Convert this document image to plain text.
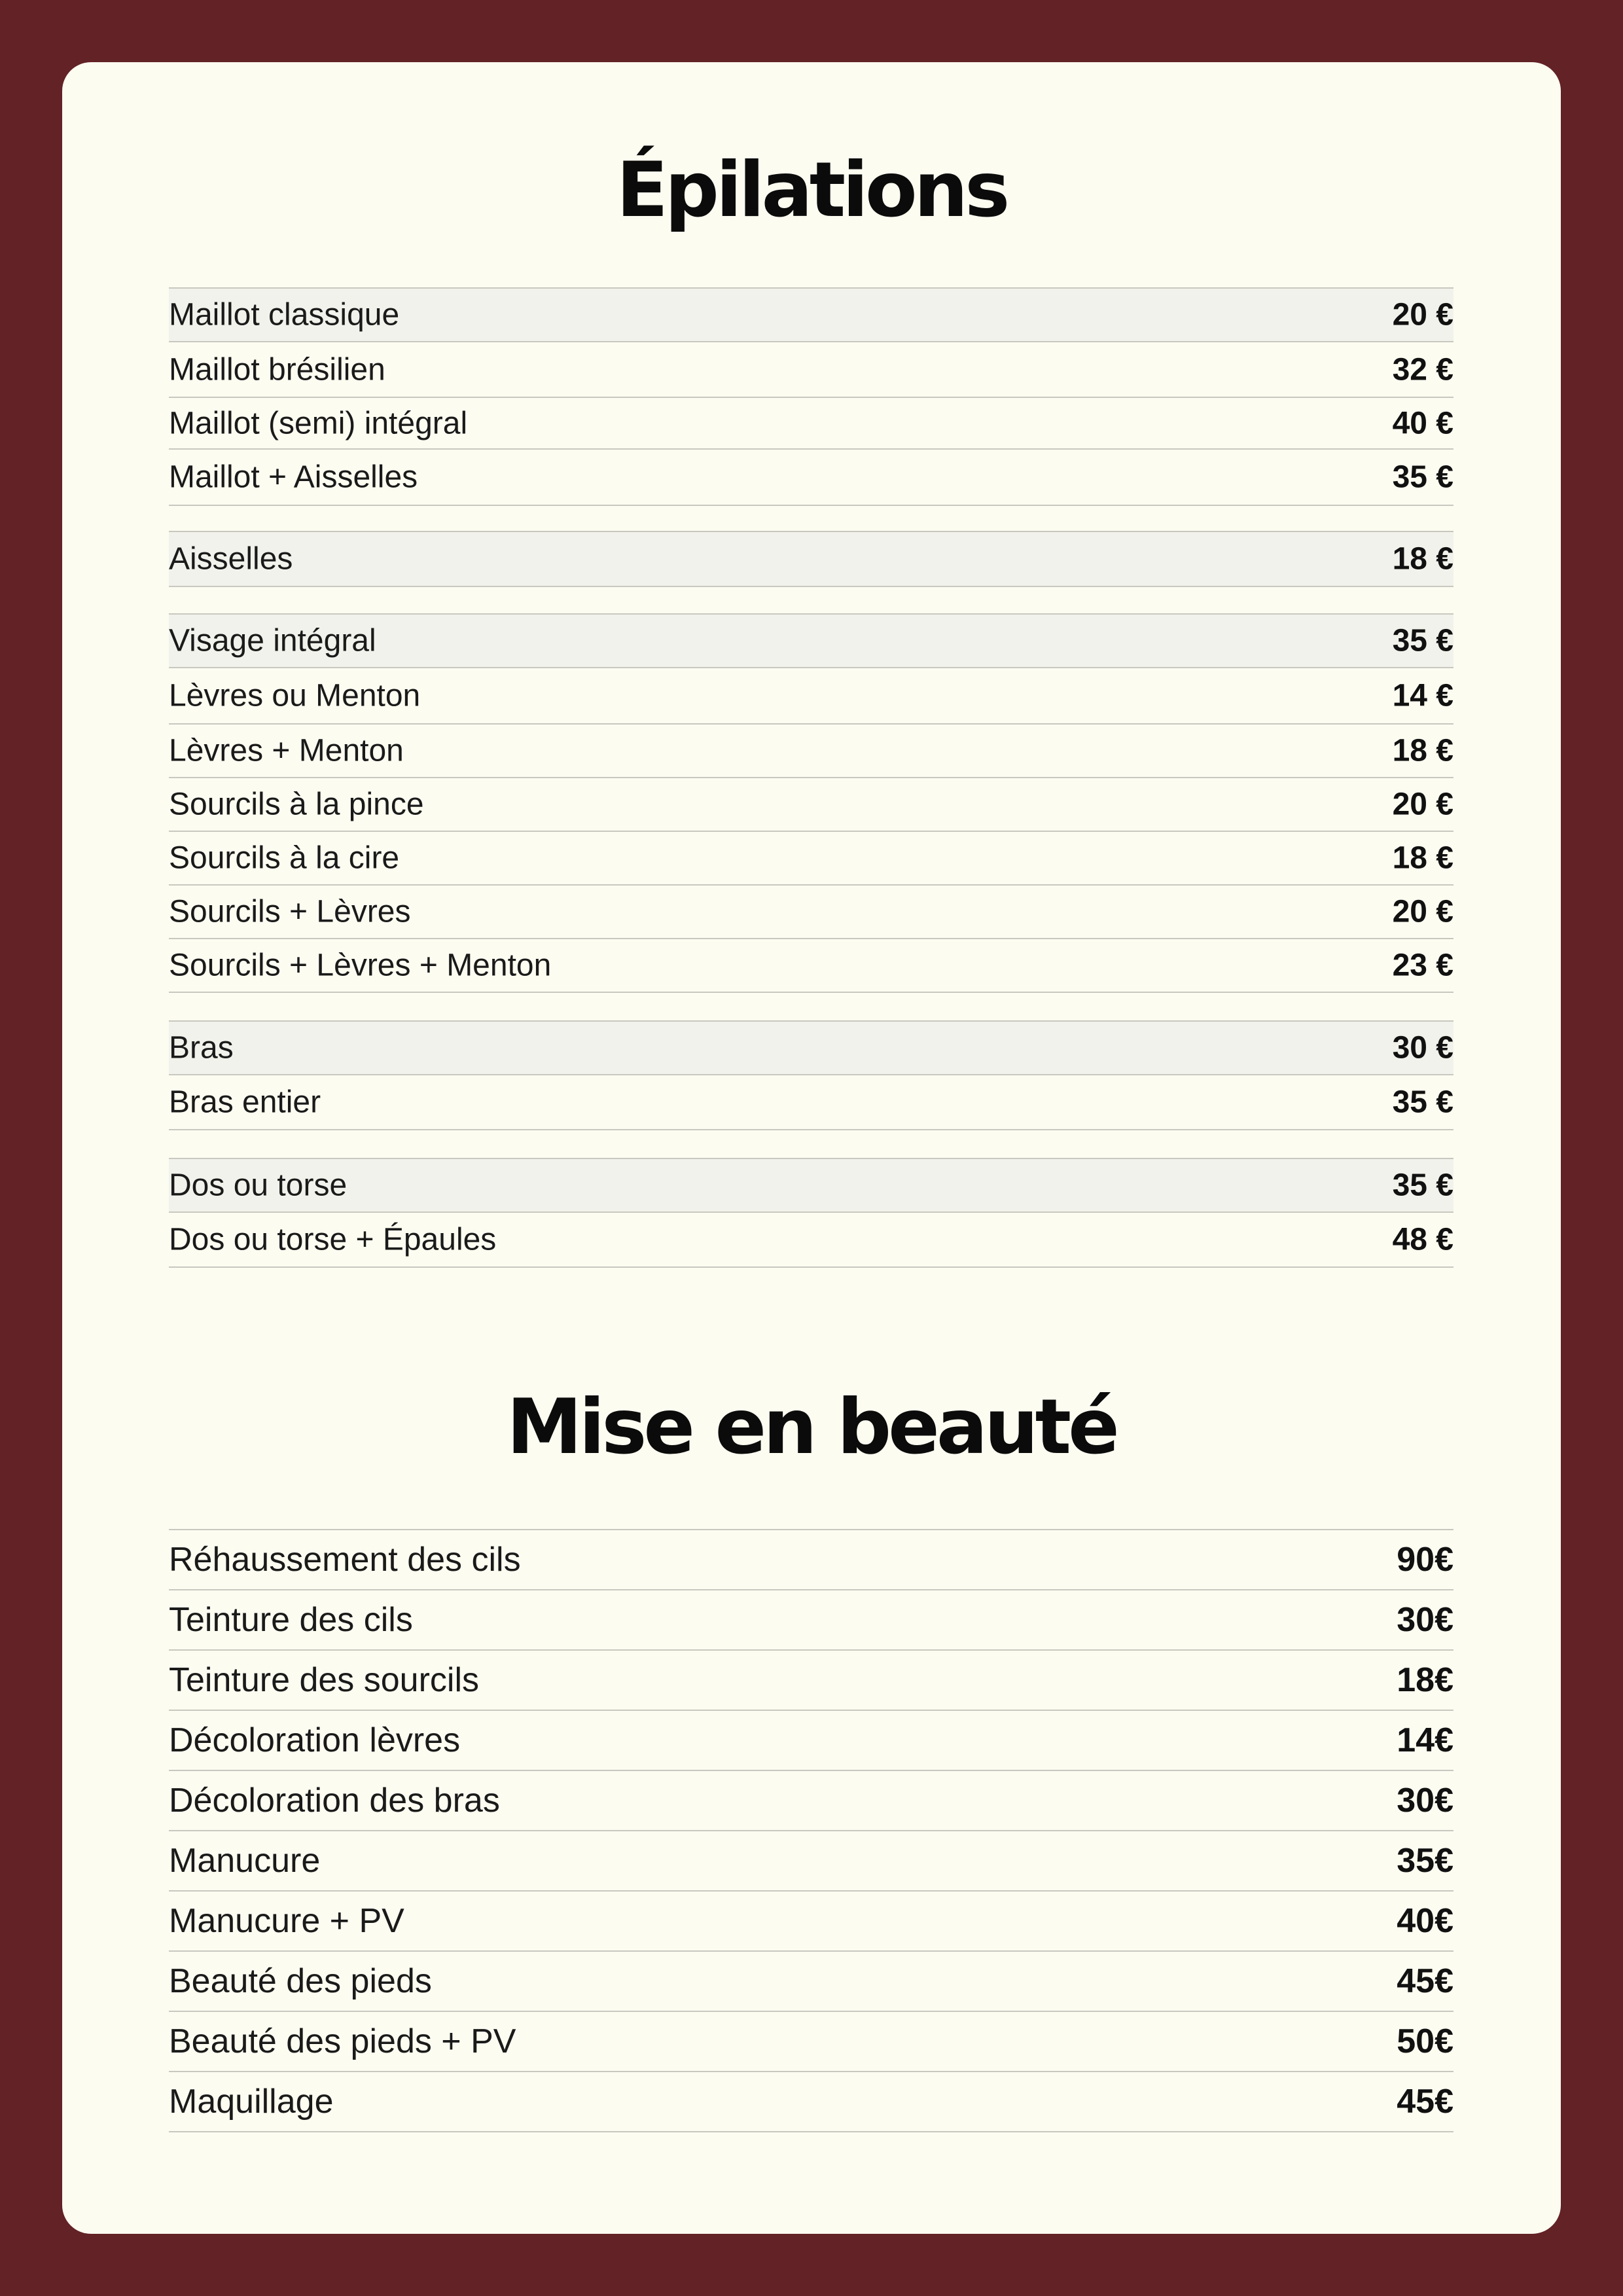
Épilations
Maillot classique	20 €
Maillot brésilien	32 €
Maillot (semi) intégral	40 €
Maillot + Aisselles	35 €
Aisselles	18 €
Visage intégral	35 €
Lèvres ou Menton	14 €
Lèvres + Menton	18 €
Sourcils à la pince	20 €
Sourcils à la cire	18 €
Sourcils + Lèvres	20 €
Sourcils + Lèvres + Menton	23 €
Bras	30 €
Bras entier	35 €
Dos ou torse	35 €
Dos ou torse + Épaules	48 €
Mise en beauté
Réhaussement des cils	90€
Teinture des cils	30€
Teinture des sourcils	18€
Décoloration lèvres	14€
Décoloration des bras	30€
Manucure	35€
Manucure + PV	40€
Beauté des pieds	45€
Beauté des pieds + PV	50€
Maquillage	45€
